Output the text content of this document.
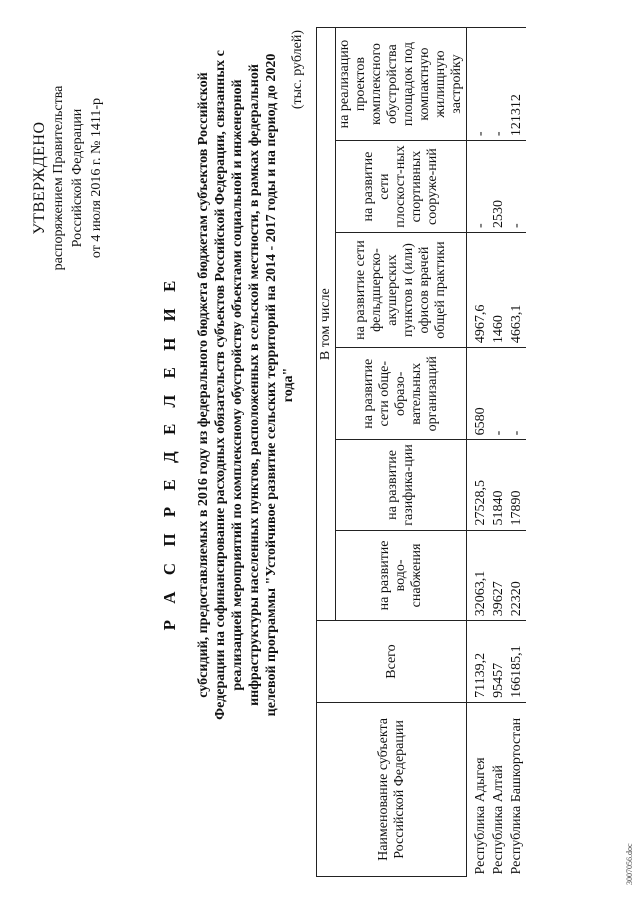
УТВЕРЖДЕНО распоряжением Правительства Российской Федерации от 4 июля 2016 г. № 1411-р
Р А С П Р Е Д Е Л Е Н И Е субсидий, предоставляемых в 2016 году из федерального бюджета бюджетам субъектов Российской Федерации на софинансирование расходных обязательств субъектов Российской Федерации, связанных с реализацией мероприятий по комплексному обустройству объектами социальной и инженерной инфраструктуры населенных пунктов, расположенных в сельской местности, в рамках федеральной целевой программы "Устойчивое развитие сельских территорий на 2014 - 2017 годы и на период до 2020 года"
(тыс. рублей)
Наименование субъекта Российской Федерации	Всего	В том числе					
		на развитие водо-снабжения	на развитие газифика-ции	на развитие сети обще-образо-вательных организаций	на развитие сети фельдшерско-акушерских пунктов и (или) офисов врачей общей практики	на развитие сети плоскост-ных спортивных сооруже-ний	на реализацию проектов комплексного обустройства площадок под компактную жилищную застройку
Республика Адыгея	71139,2	32063,1	27528,5	6580	4967,6	-	-
Республика Алтай	95457	39627	51840	-	1460	2530	-
Республика Башкортостан	166185,1	22320	17890	-	4663,1	-	121312
3007056.doc
